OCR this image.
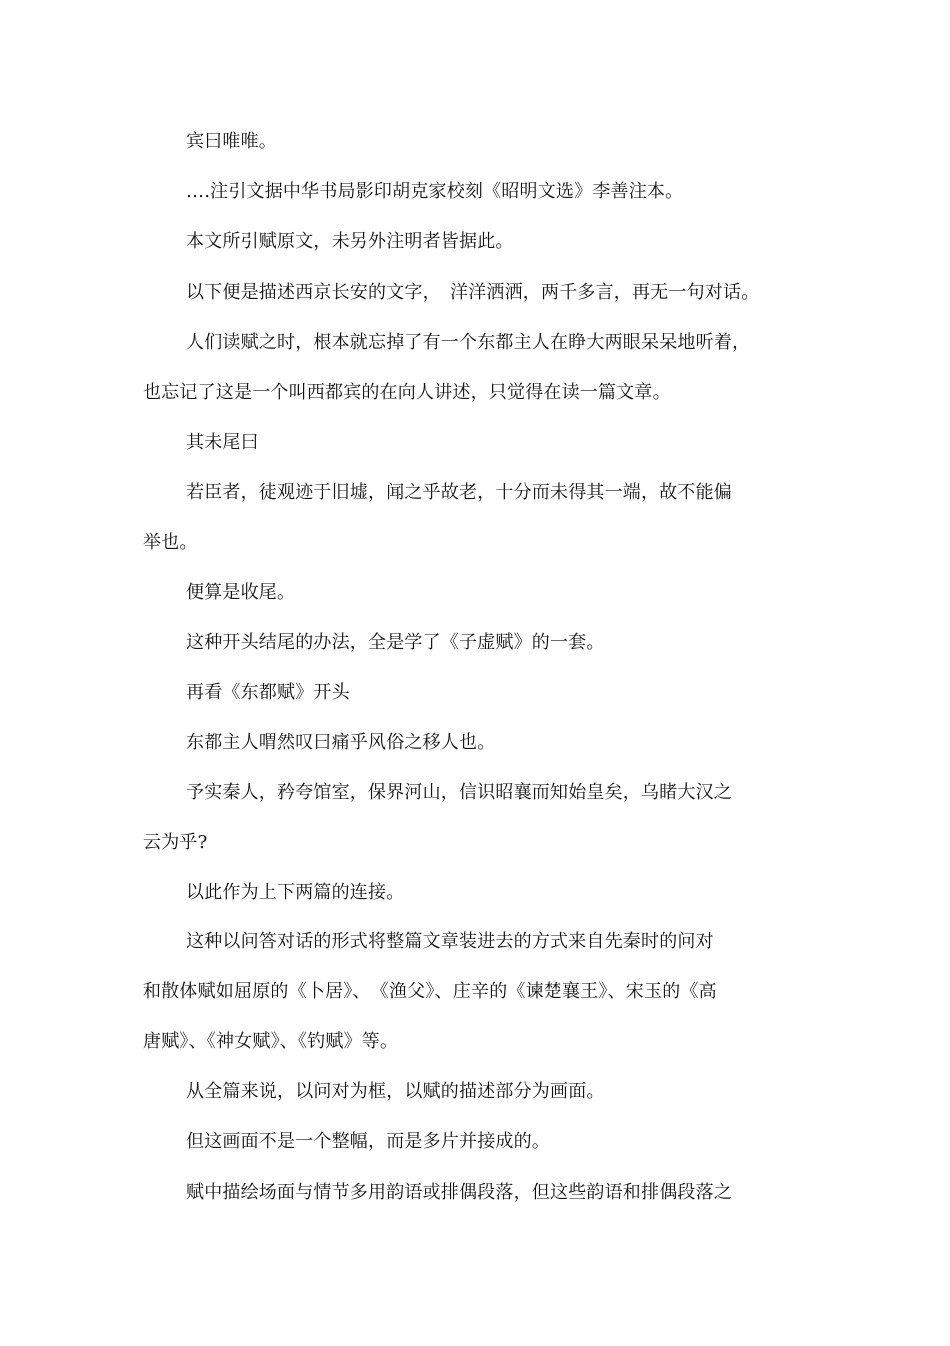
宾曰唯唯。
….注引文据中华书局影印胡克家校刻《昭明文选》李善注本。
本文所引赋原文，未另外注明者皆据此。
以下便是描述西京长安的文字，　洋洋洒洒，两千多言，再无一句对话。
人们读赋之时，根本就忘掉了有一个东都主人在睁大两眼呆呆地听着，
也忘记了这是一个叫西都宾的在向人讲述，只觉得在读一篇文章。
其未尾曰
若臣者，徒观迹于旧墟，闻之乎故老，十分而未得其一端，故不能偏
举也。
便算是收尾。
这种开头结尾的办法，全是学了《子虚赋》的一套。
再看《东都赋》开头
东都主人喟然叹曰痛乎风俗之移人也。
予实秦人，矜夸馆室，保界河山，信识昭襄而知始皇矣，乌睹大汉之
云为乎?
以此作为上下两篇的连接。
这种以问答对话的形式将整篇文章装进去的方式来自先秦时的问对
和散体赋如屈原的《卜居》、　《渔父》、庄辛的《谏楚襄王》、宋玉的《高
唐赋》、《神女赋》、《钓赋》等。
从全篇来说，以问对为框，以赋的描述部分为画面。
但这画面不是一个整幅，而是多片并接成的。
赋中描绘场面与情节多用韵语或排偶段落，但这些韵语和排偶段落之
